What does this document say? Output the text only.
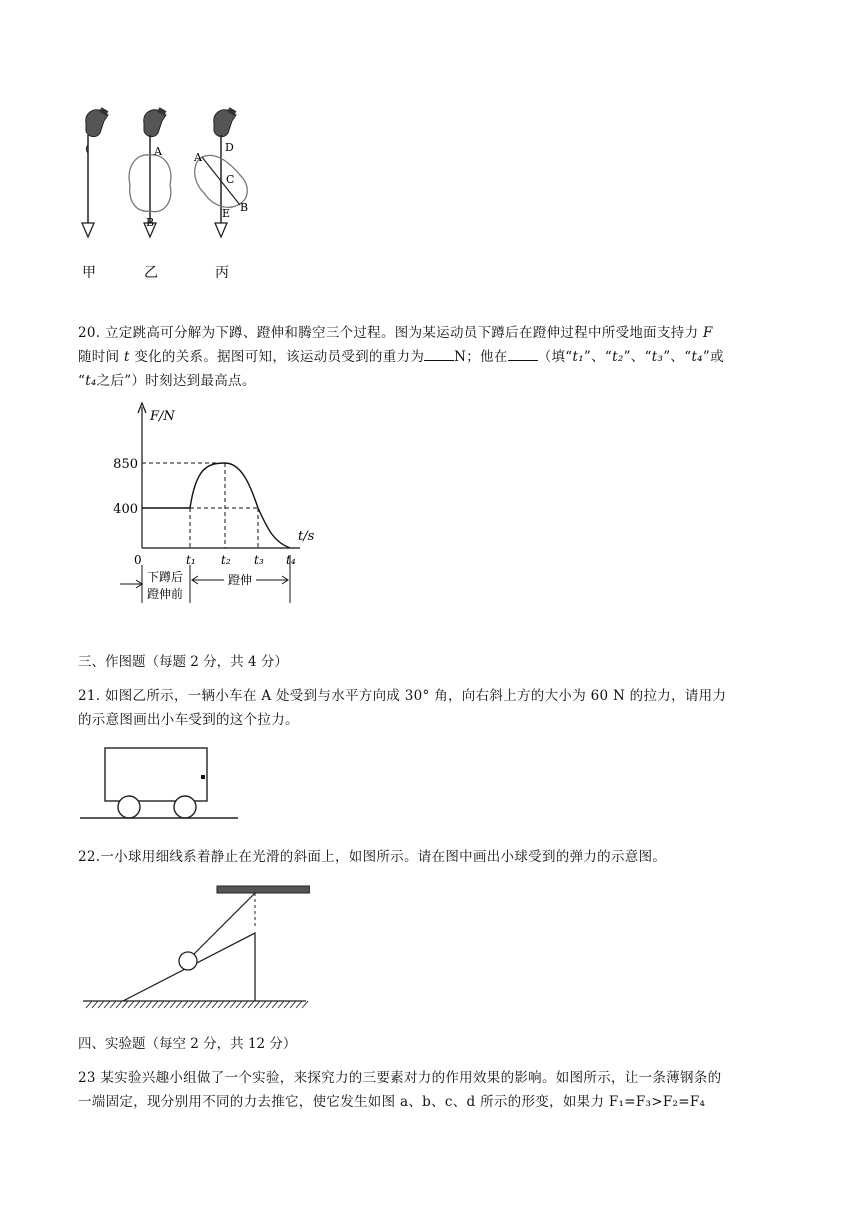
A
B
A
D
C
E B
甲	乙	丙
20. 立定跳高可分解为下蹲、蹬伸和腾空三个过程。图为某运动员下蹲后在蹬伸过程中所受地面支持力 F
随时间 t 变化的关系。据图可知，该运动员受到的重力为 N；他在 （填“t₁”、“t₂”、“t₃”、“t₄”或
“t₄之后”）时刻达到最高点。
F/N
t/s
850
400
0	t₁ t₂ t₃ t₄
下蹲后
蹬伸前
蹬伸
三、作图题（每题 2 分，共 4 分）
21. 如图乙所示，一辆小车在 A 处受到与水平方向成 30° 角，向右斜上方的大小为 60 N 的拉力，请用力
的示意图画出小车受到的这个拉力。
22.一小球用细线系着静止在光滑的斜面上，如图所示。请在图中画出小球受到的弹力的示意图。
四、实验题（每空 2 分，共 12 分）
23 某实验兴趣小组做了一个实验，来探究力的三要素对力的作用效果的影响。如图所示，让一条薄钢条的
一端固定，现分别用不同的力去推它，使它发生如图 a、b、c、d 所示的形变，如果力 F₁=F₃>F₂=F₄
